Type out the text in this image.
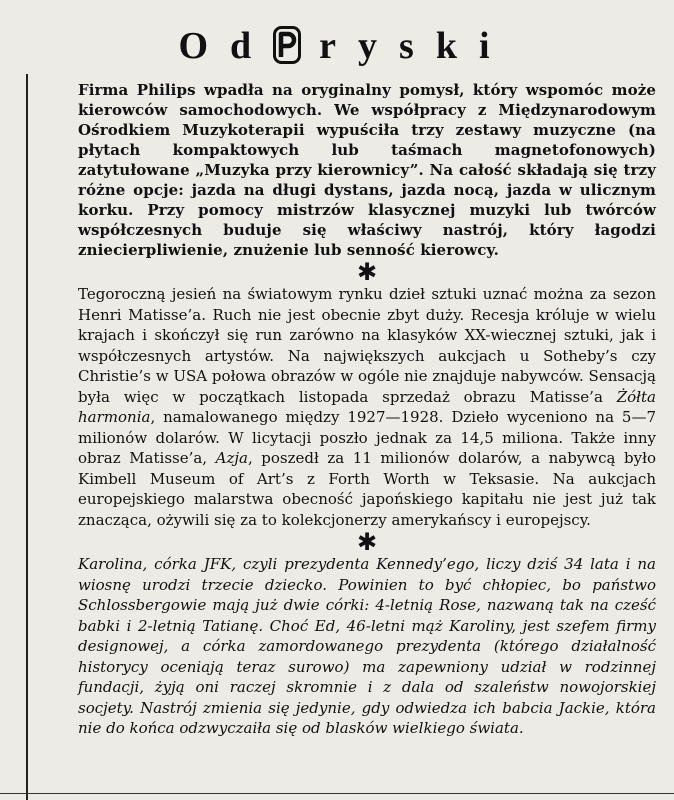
Od ryski

Firma Philips wpadła na oryginalny pomysł, który wspomóc może kierowców samochodowych. We współpracy z Międzynarodowym Ośrodkiem Muzykoterapii wypuściła trzy zestawy muzyczne (na płytach kompaktowych lub taśmach magnetofonowych) zatytułowane „Muzyka przy kierownicy”. Na całość składają się trzy różne opcje: jazda na długi dystans, jazda nocą, jazda w ulicznym korku. Przy pomocy mistrzów klasycznej muzyki lub twórców współczesnych buduje się właściwy nastrój, który łagodzi zniecierpliwienie, znużenie lub senność kierowcy.

✱

Tegoroczną jesień na światowym rynku dzieł sztuki uznać można za sezon Henri Matisse’a. Ruch nie jest obecnie zbyt duży. Recesja króluje w wielu krajach i skończył się run zarówno na klasyków XX-wiecznej sztuki, jak i współczesnych artystów. Na największych aukcjach u Sotheby’s czy Christie’s w USA połowa obrazów w ogóle nie znajduje nabywców. Sensacją była więc w początkach listopada sprzedaż obrazu Matisse’a Żółta harmonia, namalowanego między 1927—1928. Dzieło wyceniono na 5—7 milionów dolarów. W licytacji poszło jednak za 14,5 miliona. Także inny obraz Matisse’a, Azja, poszedł za 11 milionów dolarów, a nabywcą było Kimbell Museum of Art’s z Forth Worth w Teksasie. Na aukcjach europejskiego malarstwa obecność japońskiego kapitału nie jest już tak znacząca, ożywili się za to kolekcjonerzy amerykańscy i europejscy.

✱

Karolina, córka JFK, czyli prezydenta Kennedy’ego, liczy dziś 34 lata i na wiosnę urodzi trzecie dziecko. Powinien to być chłopiec, bo państwo Schlossbergowie mają już dwie córki: 4-letnią Rose, nazwaną tak na cześć babki i 2-letnią Tatianę. Choć Ed, 46-letni mąż Karoliny, jest szefem firmy designowej, a córka zamordowanego prezydenta (którego działalność historycy oceniają teraz surowo) ma zapewniony udział w rodzinnej fundacji, żyją oni raczej skromnie i z dala od szaleństw nowojorskiej socjety. Nastrój zmienia się jedynie, gdy odwiedza ich babcia Jackie, która nie do końca odzwyczaiła się od blasków wielkiego świata.
